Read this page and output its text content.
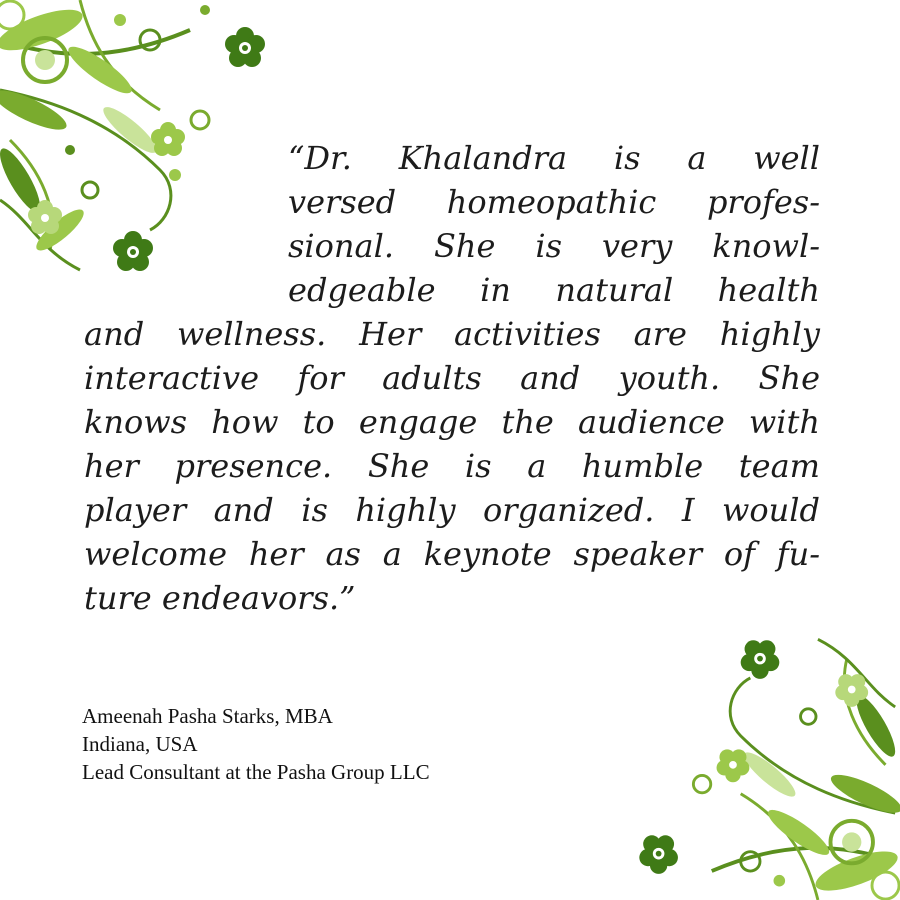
“Dr. Khalandra is a well
versed homeopathic profes-
sional. She is very knowl-
edgeable in natural health
and wellness. Her activities are highly
interactive for adults and youth. She
knows how to engage the audience with
her presence. She is a humble team
player and is highly organized. I would
welcome her as a keynote speaker of fu-
ture endeavors.”
Ameenah Pasha Starks, MBA
Indiana, USA
Lead Consultant at the Pasha Group LLC
